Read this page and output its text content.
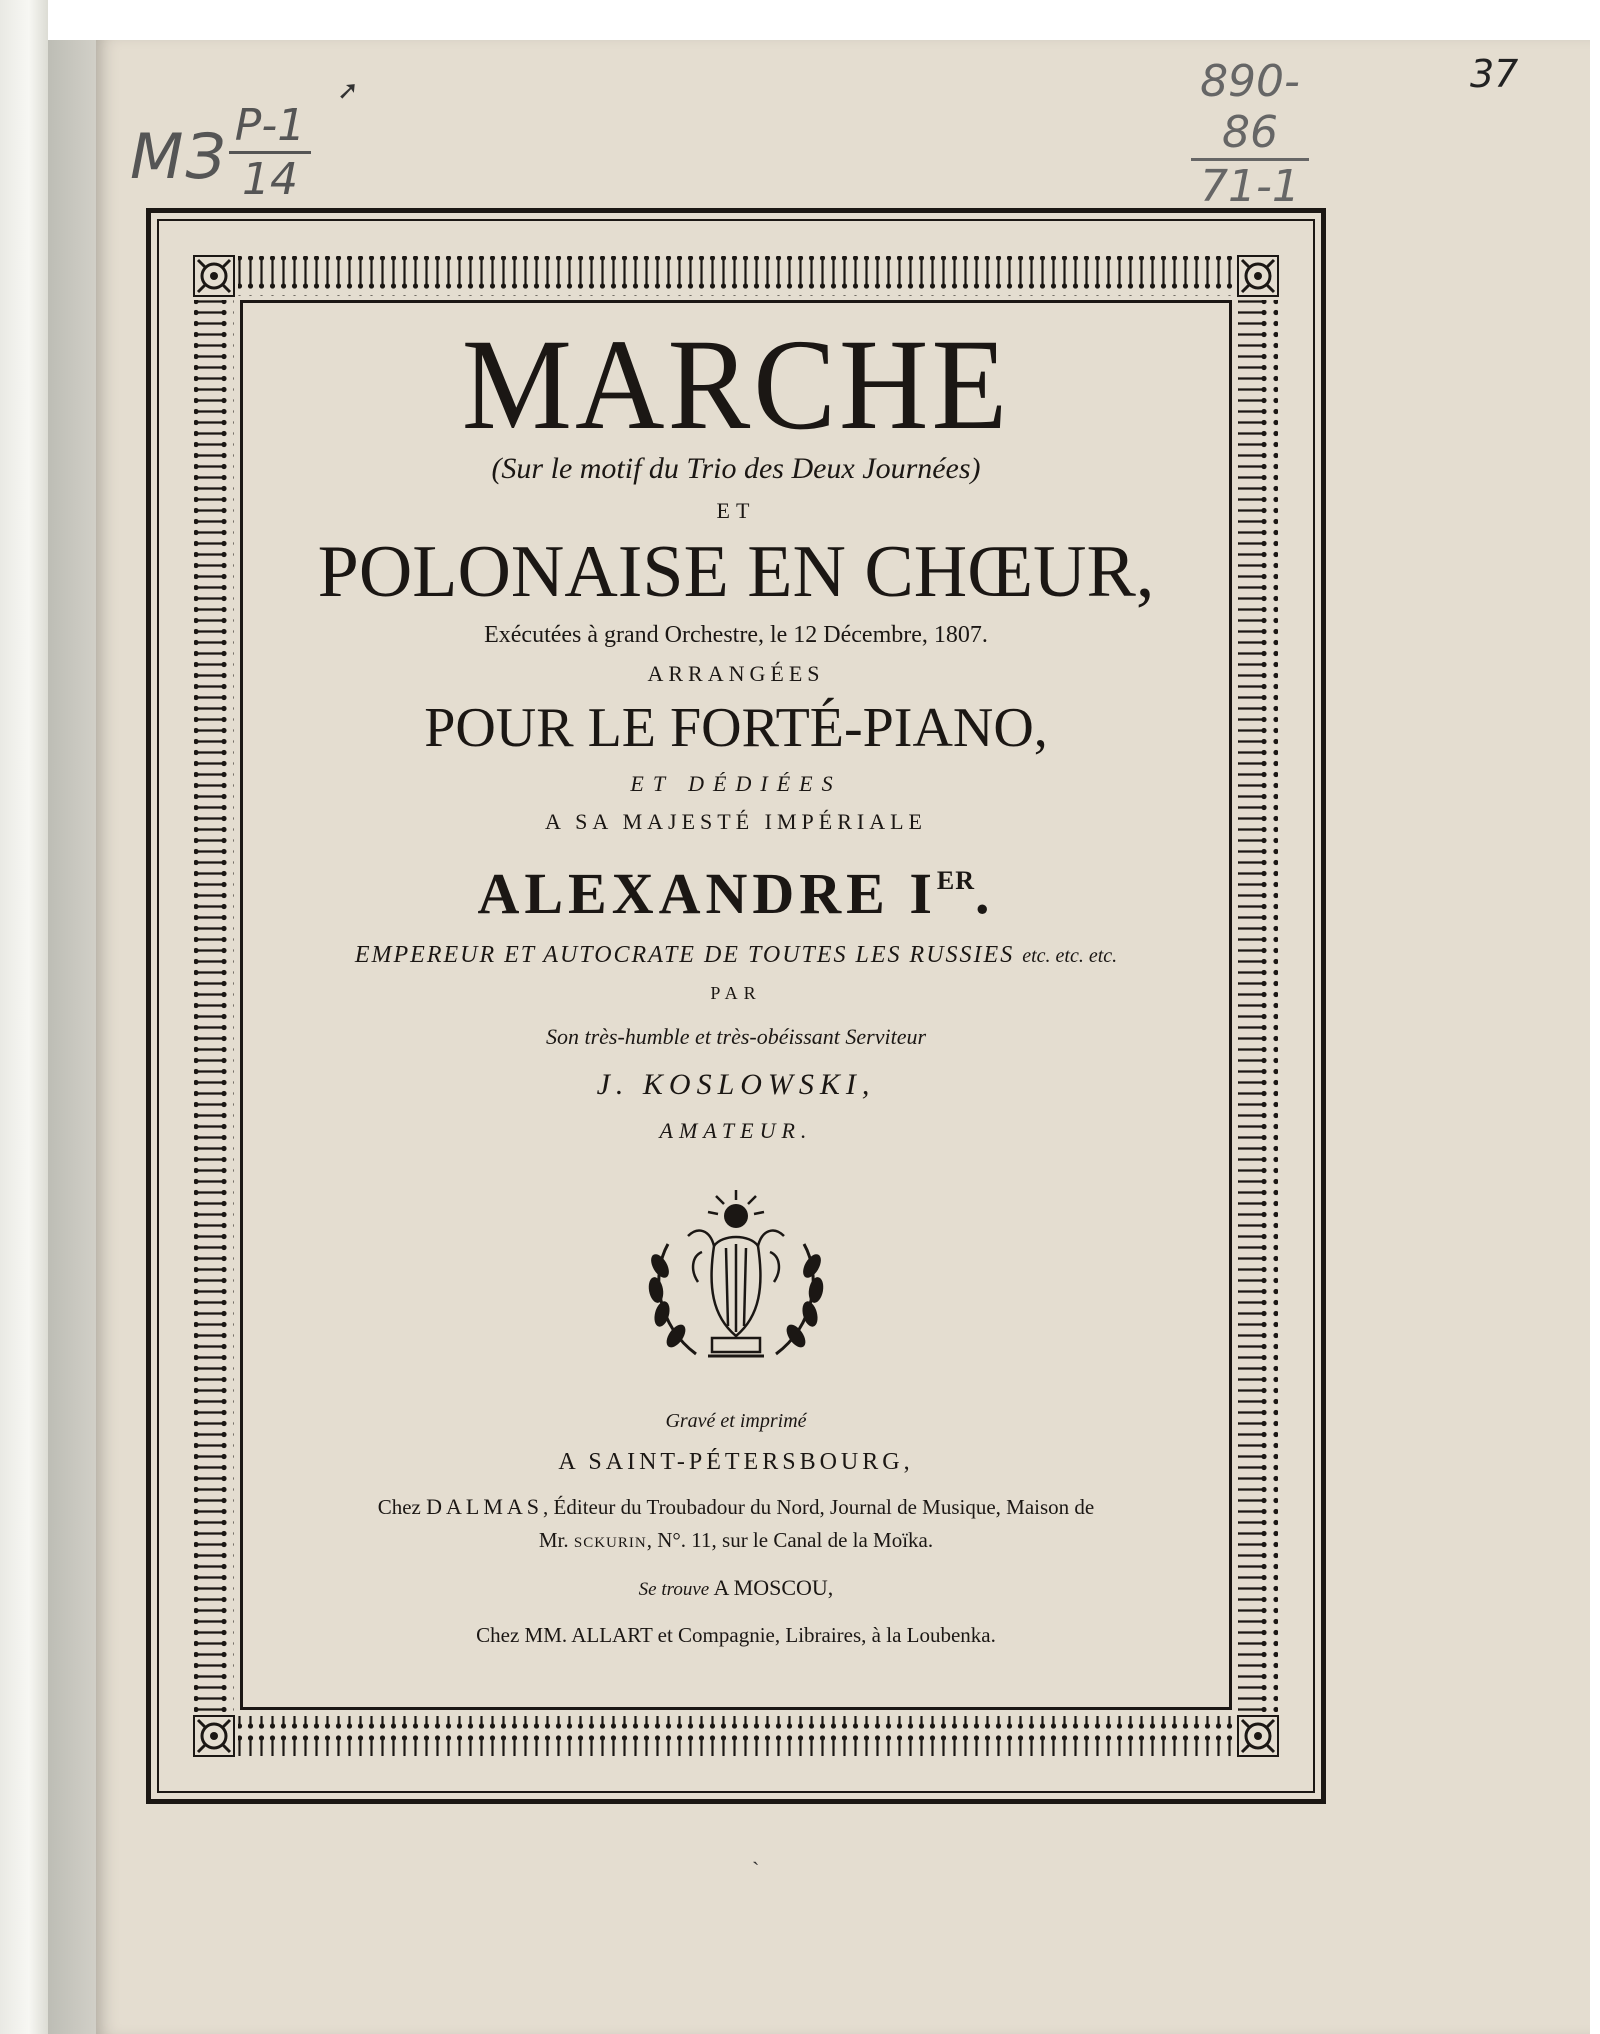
МЗ Р-1
14
➚	890-86
71-1
37
MARCHE
(Sur le motif du Trio des Deux Journées)
ET
POLONAISE EN CHŒUR,
Exécutées à grand Orchestre, le 12 Décembre, 1807.
ARRANGÉES
POUR LE FORTÉ-PIANO,
ET DÉDIÉES
A SA MAJESTÉ IMPÉRIALE
ALEXANDRE IER.
EMPEREUR ET AUTOCRATE DE TOUTES LES RUSSIES etc. etc. etc.
PAR
Son très-humble et très-obéissant Serviteur
J. KOSLOWSKI,
AMATEUR.
Gravé et imprimé
A SAINT-PÉTERSBOURG,
Chez DALMAS, Éditeur du Troubadour du Nord, Journal de Musique, Maison de
Mr. SCKURIN, N°. 11, sur le Canal de la Moïka.
Se trouve A MOSCOU,
Chez MM. ALLART et Compagnie, Libraires, à la Loubenka.
ˏ
